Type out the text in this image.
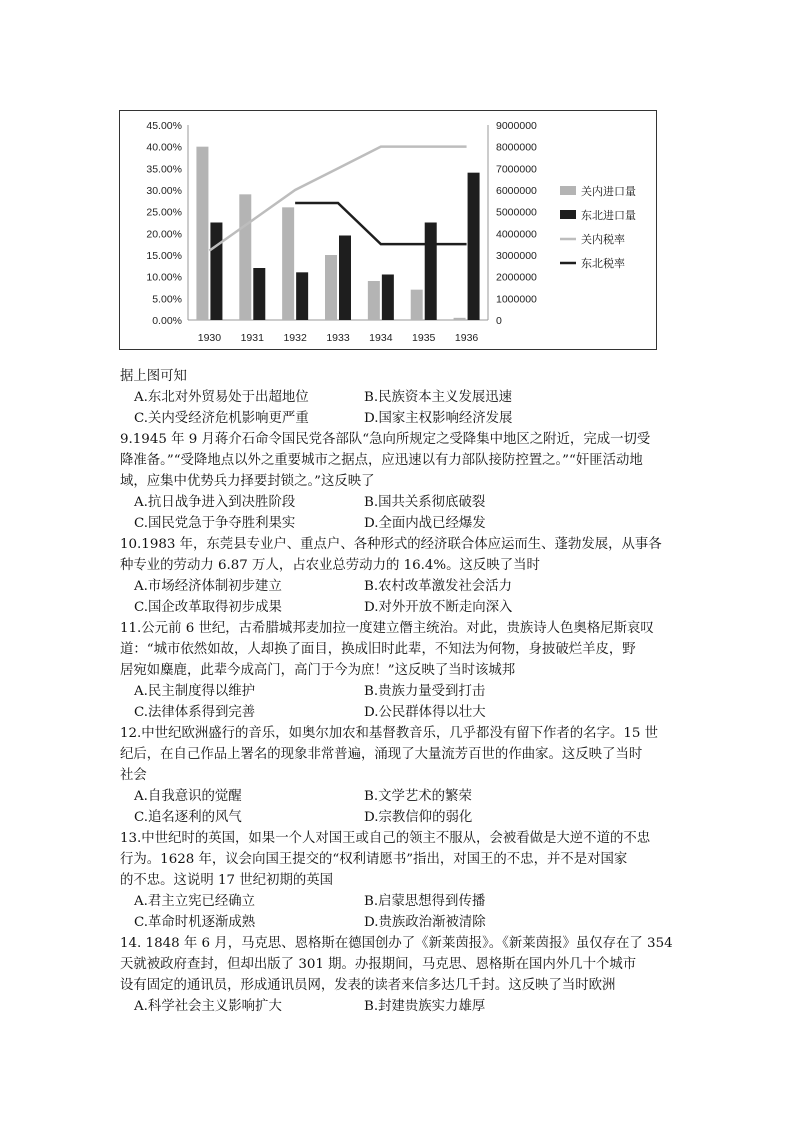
45.00%
40.00%
35.00%
30.00%
25.00%
20.00%
15.00%
10.00%
5.00%
0.00%
9000000
8000000
7000000
6000000
5000000
4000000
3000000
2000000
1000000
0
1930 1931 1932 1933 1934 1935 1936
关内进口量
东北进口量
关内税率
东北税率
据上图可知
A.东北对外贸易处于出超地位	B.民族资本主义发展迅速
C.关内受经济危机影响更严重	D.国家主权影响经济发展
9.1945 年 9 月蒋介石命令国民党各部队“急向所规定之受降集中地区之附近，完成一切受
降准备。”“受降地点以外之重要城市之据点，应迅速以有力部队接防控置之。”“奸匪活动地
域，应集中优势兵力择要封锁之。”这反映了
A.抗日战争进入到决胜阶段	B.国共关系彻底破裂
C.国民党急于争夺胜利果实	D.全面内战已经爆发
10.1983 年，东莞县专业户、重点户、各种形式的经济联合体应运而生、蓬勃发展，从事各
种专业的劳动力 6.87 万人，占农业总劳动力的 16.4%。这反映了当时
A.市场经济体制初步建立	B.农村改革激发社会活力
C.国企改革取得初步成果	D.对外开放不断走向深入
11.公元前 6 世纪，古希腊城邦麦加拉一度建立僭主统治。对此，贵族诗人色奥格尼斯哀叹
道：“城市依然如故，人却换了面目，换成旧时此辈，不知法为何物，身披破烂羊皮，野
居宛如麋鹿，此辈今成高门，高门于今为庶！”这反映了当时该城邦
A.民主制度得以维护	B.贵族力量受到打击
C.法律体系得到完善	D.公民群体得以壮大
12.中世纪欧洲盛行的音乐，如奥尔加农和基督教音乐，几乎都没有留下作者的名字。15 世
纪后，在自己作品上署名的现象非常普遍，涌现了大量流芳百世的作曲家。这反映了当时
社会
A.自我意识的觉醒	B.文学艺术的繁荣
C.追名逐利的风气	D.宗教信仰的弱化
13.中世纪时的英国，如果一个人对国王或自己的领主不服从，会被看做是大逆不道的不忠
行为。1628 年，议会向国王提交的“权利请愿书”指出，对国王的不忠，并不是对国家
的不忠。这说明 17 世纪初期的英国
A.君主立宪已经确立	B.启蒙思想得到传播
C.革命时机逐渐成熟	D.贵族政治渐被清除
14. 1848 年 6 月，马克思、恩格斯在德国创办了《新莱茵报》。《新莱茵报》虽仅存在了 354
天就被政府查封，但却出版了 301 期。办报期间，马克思、恩格斯在国内外几十个城市
设有固定的通讯员，形成通讯员网，发表的读者来信多达几千封。这反映了当时欧洲
A.科学社会主义影响扩大	B.封建贵族实力雄厚
